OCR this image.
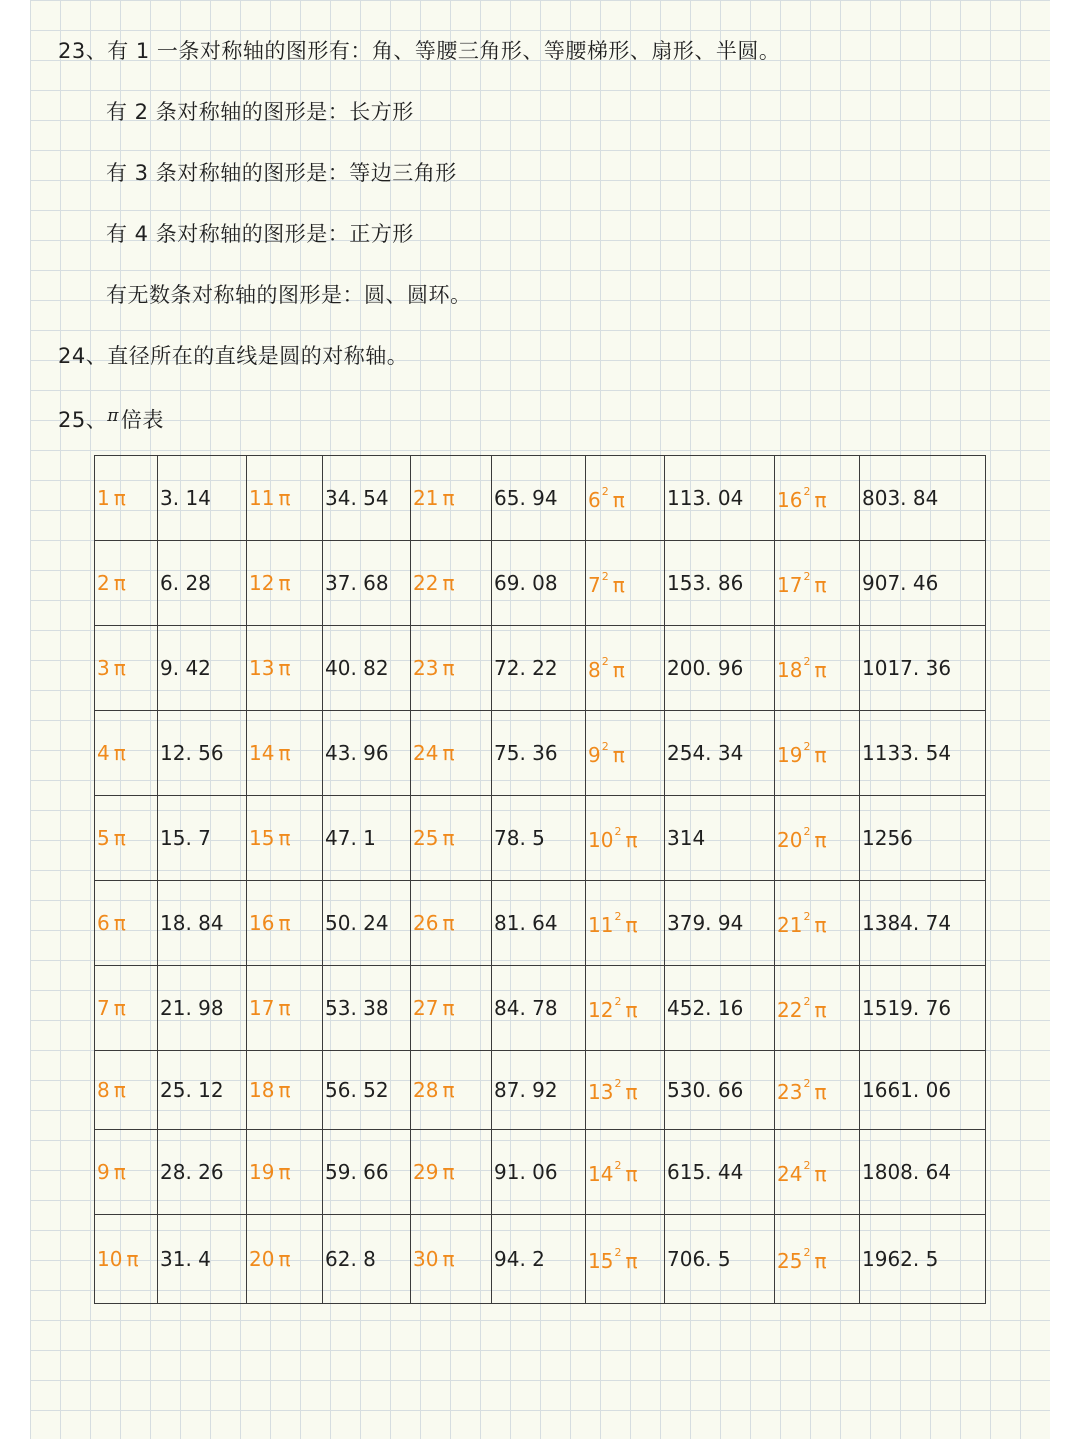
23、有 1 一条对称轴的图形有：角、等腰三角形、等腰梯形、扇形、半圆。
有 2 条对称轴的图形是：长方形
有 3 条对称轴的图形是：等边三角形
有 4 条对称轴的图形是：正方形
有无数条对称轴的图形是：圆、圆环。
24、直径所在的直线是圆的对称轴。
25、$^\pi$倍表
1 π	3. 14	11 π	34. 54	21 π	65. 94	$6^2$ π	113. 04	$16^2$ π	803. 84
2 π	6. 28	12 π	37. 68	22 π	69. 08	$7^2$ π	153. 86	$17^2$ π	907. 46
3 π	9. 42	13 π	40. 82	23 π	72. 22	$8^2$ π	200. 96	$18^2$ π	1017. 36
4 π	12. 56	14 π	43. 96	24 π	75. 36	$9^2$ π	254. 34	$19^2$ π	1133. 54
5 π	15. 7	15 π	47. 1	25 π	78. 5	$10^2$ π	314	$20^2$ π	1256
6 π	18. 84	16 π	50. 24	26 π	81. 64	$11^2$ π	379. 94	$21^2$ π	1384. 74
7 π	21. 98	17 π	53. 38	27 π	84. 78	$12^2$ π	452. 16	$22^2$ π	1519. 76
8 π	25. 12	18 π	56. 52	28 π	87. 92	$13^2$ π	530. 66	$23^2$ π	1661. 06
9 π	28. 26	19 π	59. 66	29 π	91. 06	$14^2$ π	615. 44	$24^2$ π	1808. 64
10 π	31. 4	20 π	62. 8	30 π	94. 2	$15^2$ π	706. 5	$25^2$ π	1962. 5
